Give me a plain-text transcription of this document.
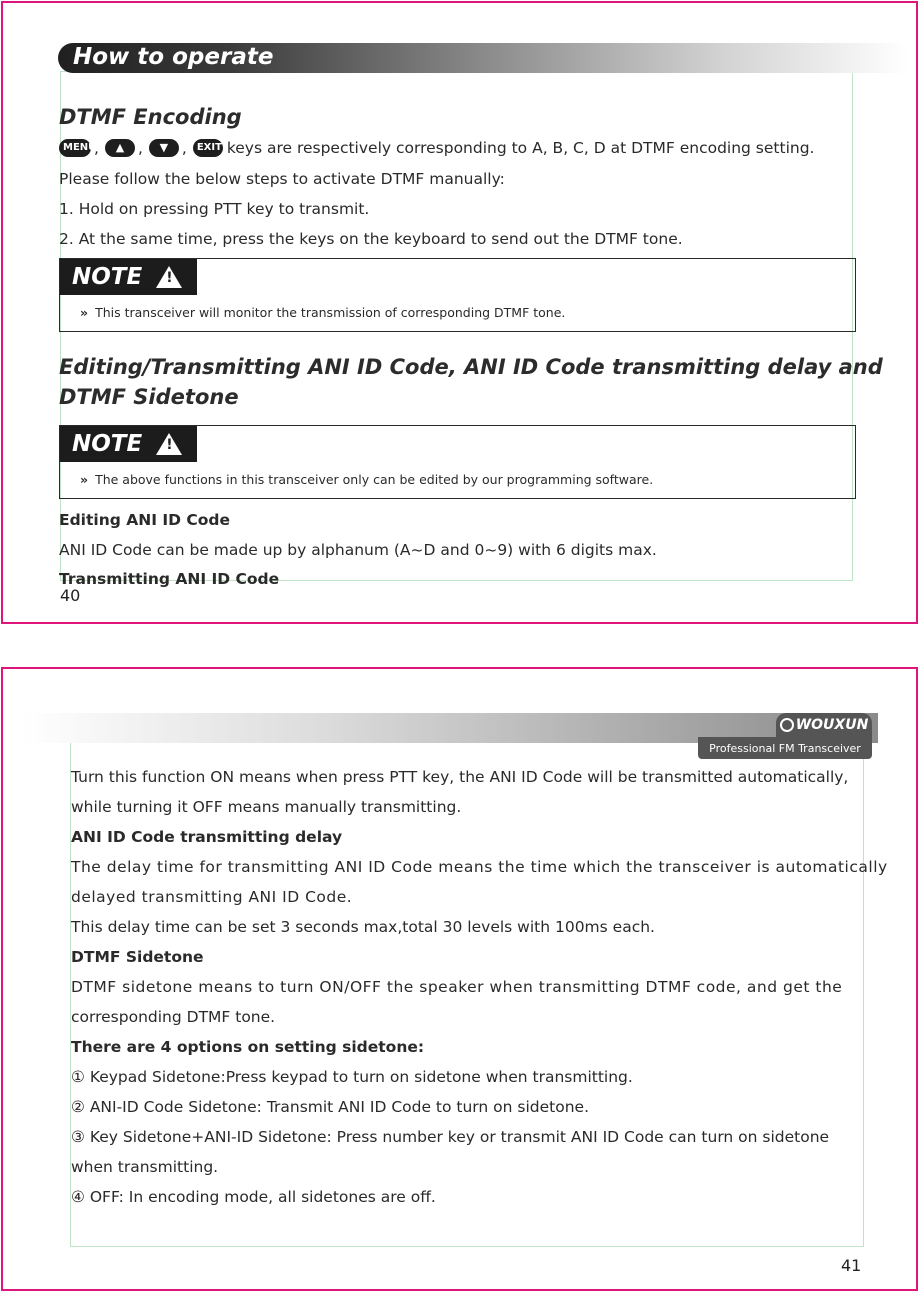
How to operate
DTMF Encoding
MENU
,	▲ ,	▼ ,	EXIT keys are respectively corresponding to A, B, C, D at DTMF encoding setting.
Please follow the below steps to activate DTMF manually:
1. Hold on pressing PTT key to transmit.
2. At the same time, press the keys on the keyboard to send out the DTMF tone.
NOTE
!
» This transceiver will monitor the transmission of corresponding DTMF tone.
Editing/Transmitting ANI ID Code, ANI ID Code transmitting delay and
DTMF Sidetone
NOTE
!
» The above functions in this transceiver only can be edited by our programming software.
Editing ANI ID Code
ANI ID Code can be made up by alphanum (A~D and 0~9) with 6 digits max.
Transmitting ANI ID Code
40
WOUXUN
Professional FM Transceiver
Turn this function ON means when press PTT key, the ANI ID Code will be transmitted automatically,
while turning it OFF means manually transmitting.
ANI ID Code transmitting delay
The delay time for transmitting ANI ID Code means the time which the transceiver is automatically
delayed transmitting ANI ID Code.
This delay time can be set 3 seconds max,total 30 levels with 100ms each.
DTMF Sidetone
DTMF sidetone means to turn ON/OFF the speaker when transmitting DTMF code, and get the
corresponding DTMF tone.
There are 4 options on setting sidetone:
① Keypad Sidetone:Press keypad to turn on sidetone when transmitting.
② ANI-ID Code Sidetone: Transmit ANI ID Code to turn on sidetone.
③ Key Sidetone+ANI-ID Sidetone: Press number key or transmit ANI ID Code can turn on sidetone
when transmitting.
④ OFF: In encoding mode, all sidetones are off.
41
